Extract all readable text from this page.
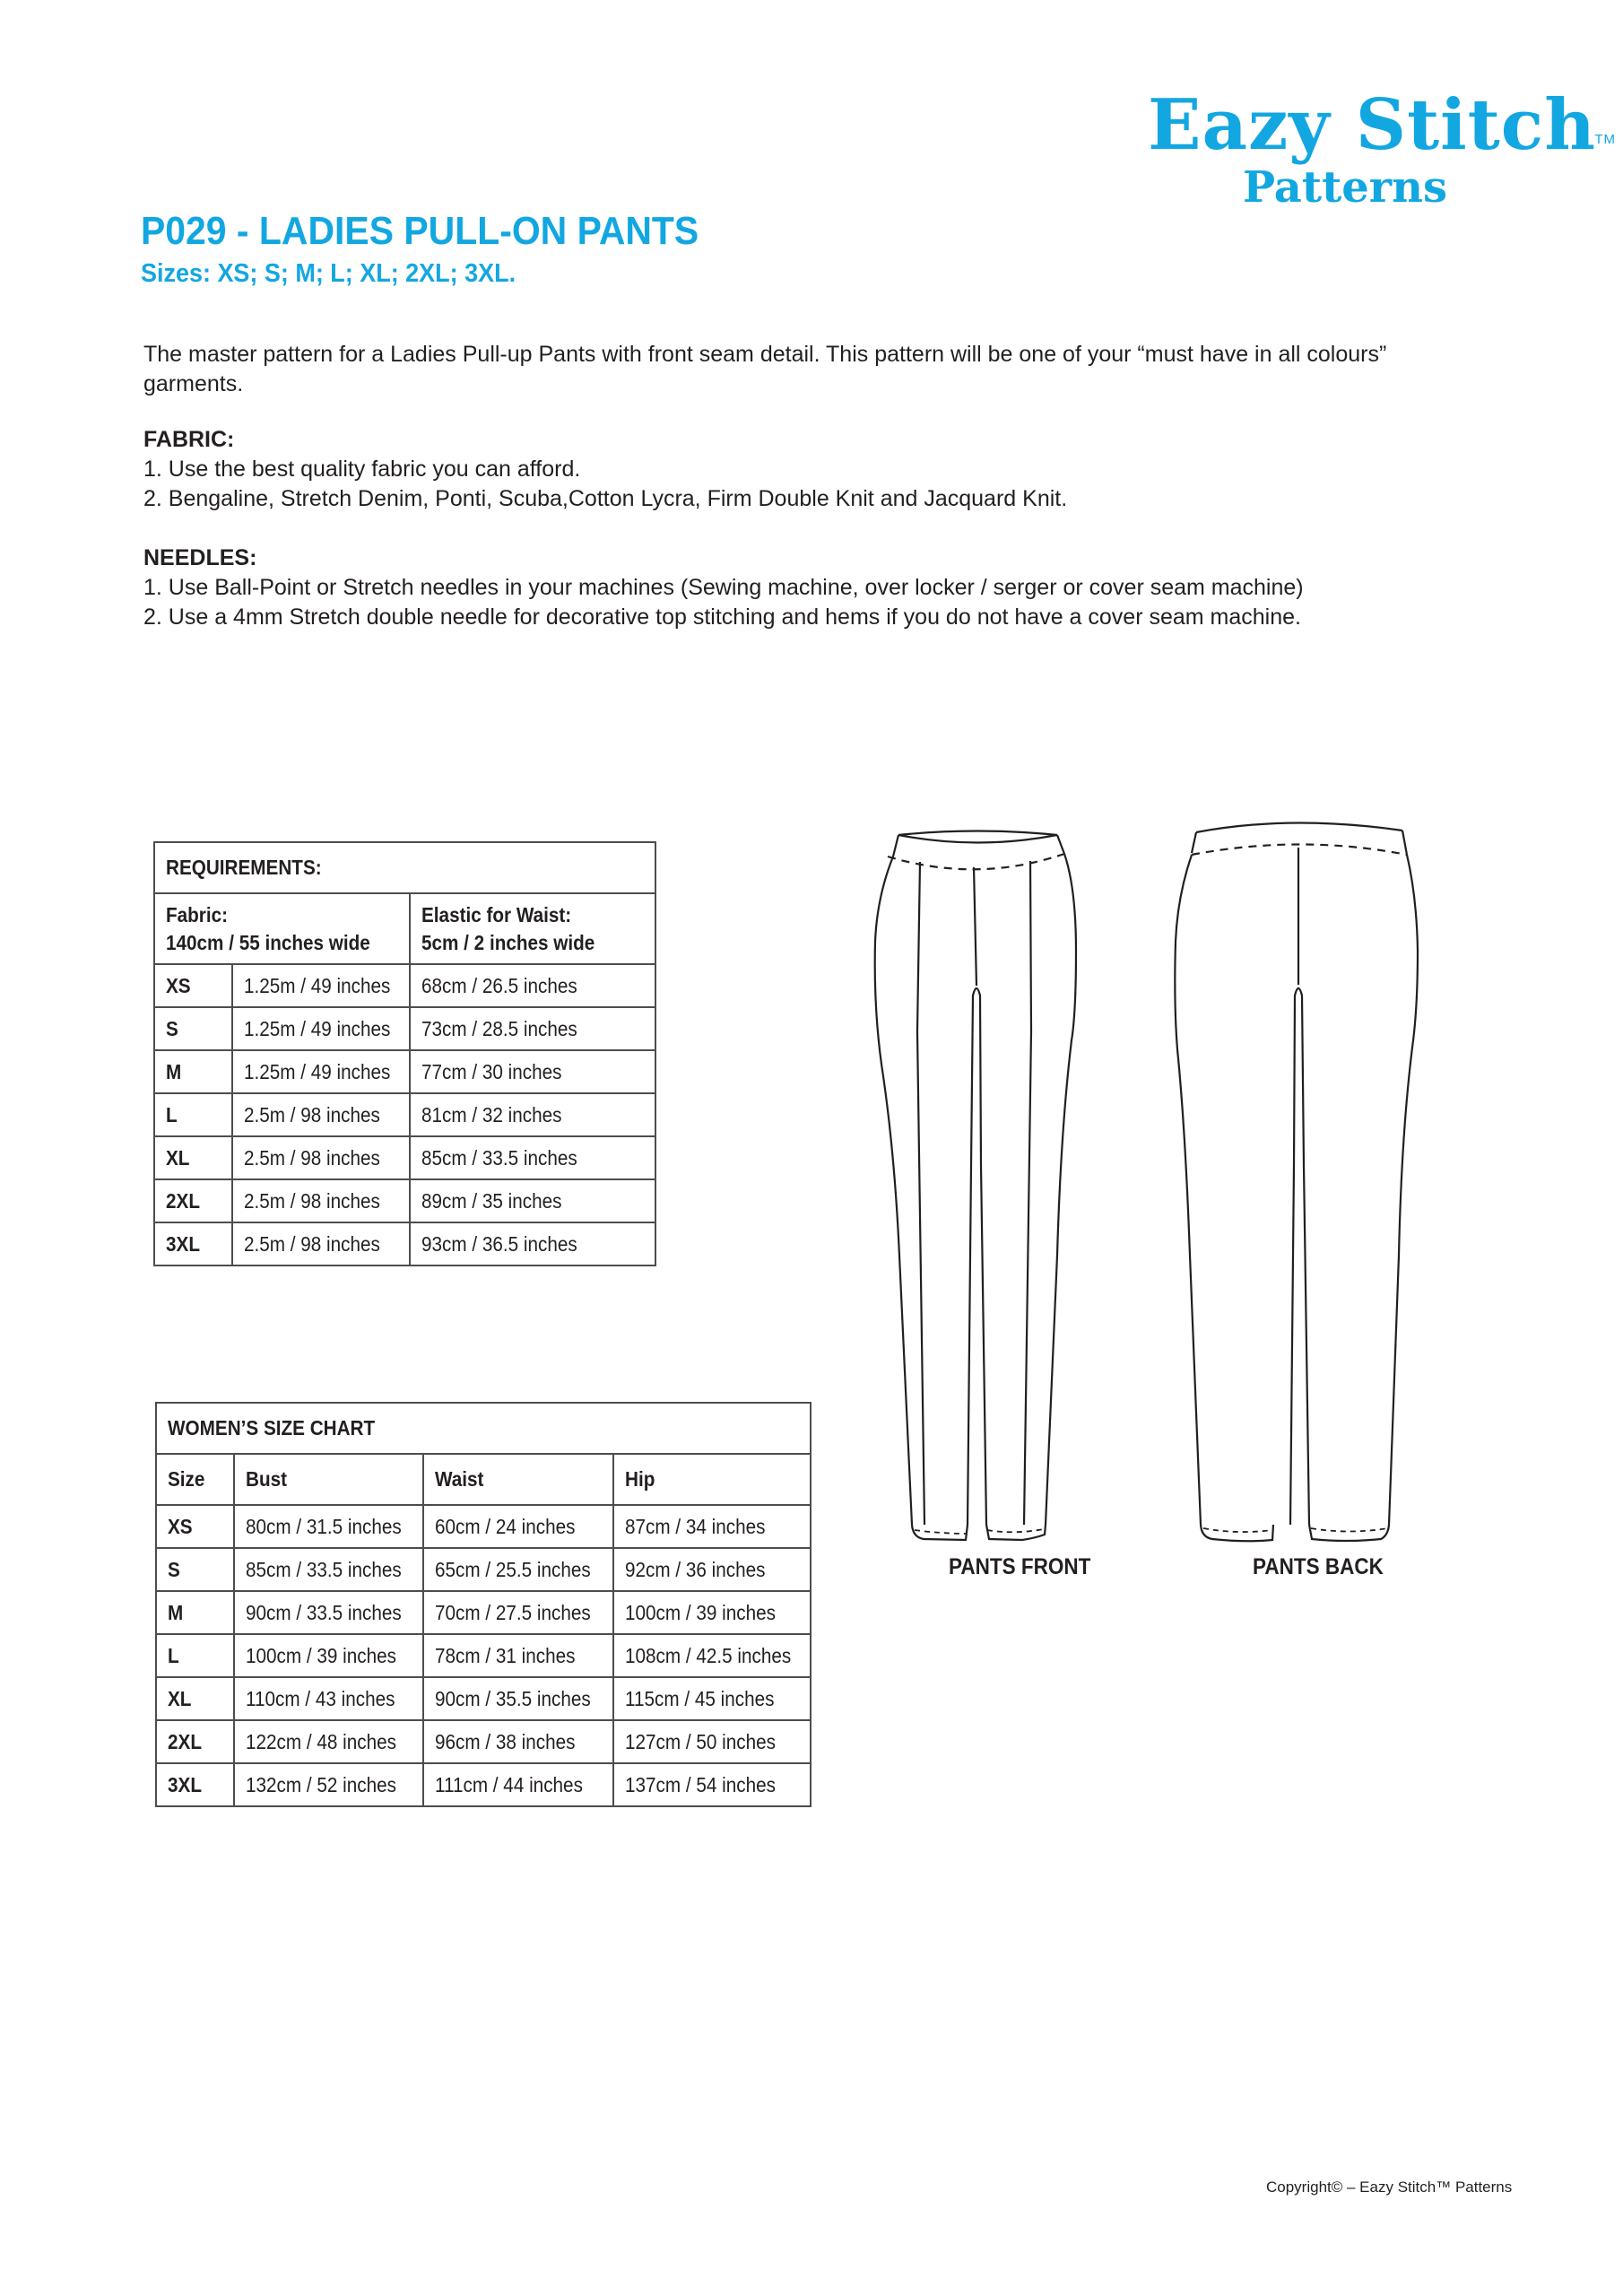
Eazy Stitch
TM
Patterns
P029 - LADIES PULL-ON PANTS
Sizes: XS; S; M; L; XL; 2XL; 3XL.
The master pattern for a Ladies Pull-up Pants with front seam detail. This pattern will be one of your “must have in all colours” garments.
FABRIC:
1. Use the best quality fabric you can afford.
2. Bengaline, Stretch Denim, Ponti, Scuba,Cotton Lycra, Firm Double Knit and Jacquard Knit.
NEEDLES:
1. Use Ball-Point or Stretch needles in your machines (Sewing machine, over locker / serger or cover seam machine)
2. Use a 4mm Stretch double needle for decorative top stitching and hems if you do not have a cover seam machine.
REQUIREMENTS:		
Fabric:
140cm / 55 inches wide		Elastic for Waist:
5cm / 2 inches wide
XS	1.25m / 49 inches	68cm / 26.5 inches
S	1.25m / 49 inches	73cm / 28.5 inches
M	1.25m / 49 inches	77cm / 30 inches
L	2.5m / 98 inches	81cm / 32 inches
XL	2.5m / 98 inches	85cm / 33.5 inches
2XL	2.5m / 98 inches	89cm / 35 inches
3XL	2.5m / 98 inches	93cm / 36.5 inches
WOMEN’S SIZE CHART			
Size	Bust	Waist	Hip
XS	80cm / 31.5 inches	60cm / 24 inches	87cm / 34 inches
S	85cm / 33.5 inches	65cm / 25.5 inches	92cm / 36 inches
M	90cm / 33.5 inches	70cm / 27.5 inches	100cm / 39 inches
L	100cm / 39 inches	78cm / 31 inches	108cm / 42.5 inches
XL	110cm / 43 inches	90cm / 35.5 inches	115cm / 45 inches
2XL	122cm / 48 inches	96cm / 38 inches	127cm / 50 inches
3XL	132cm / 52 inches	111cm / 44 inches	137cm / 54 inches
PANTS FRONT	PANTS BACK
Copyright© – Eazy Stitch™ Patterns
